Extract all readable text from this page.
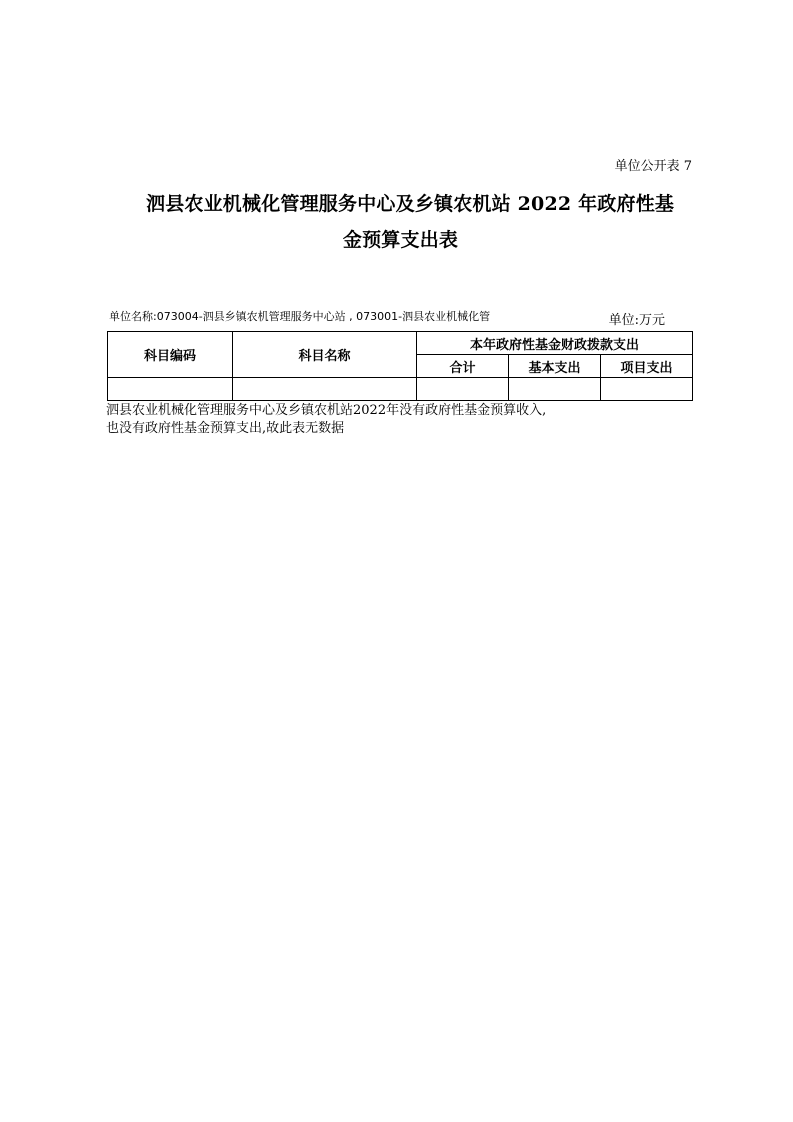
单位公开表 7
泗县农业机械化管理服务中心及乡镇农机站 2022 年政府性基
金预算支出表
单位名称:073004-泗县乡镇农机管理服务中心站 , 073001-泗县农业机械化管	单位:万元
科目编码	科目名称	本年政府性基金财政拨款支出		
		合计	基本支出	项目支出

泗县农业机械化管理服务中心及乡镇农机站2022年没有政府性基金预算收入,

也没有政府性基金预算支出,故此表无数据
